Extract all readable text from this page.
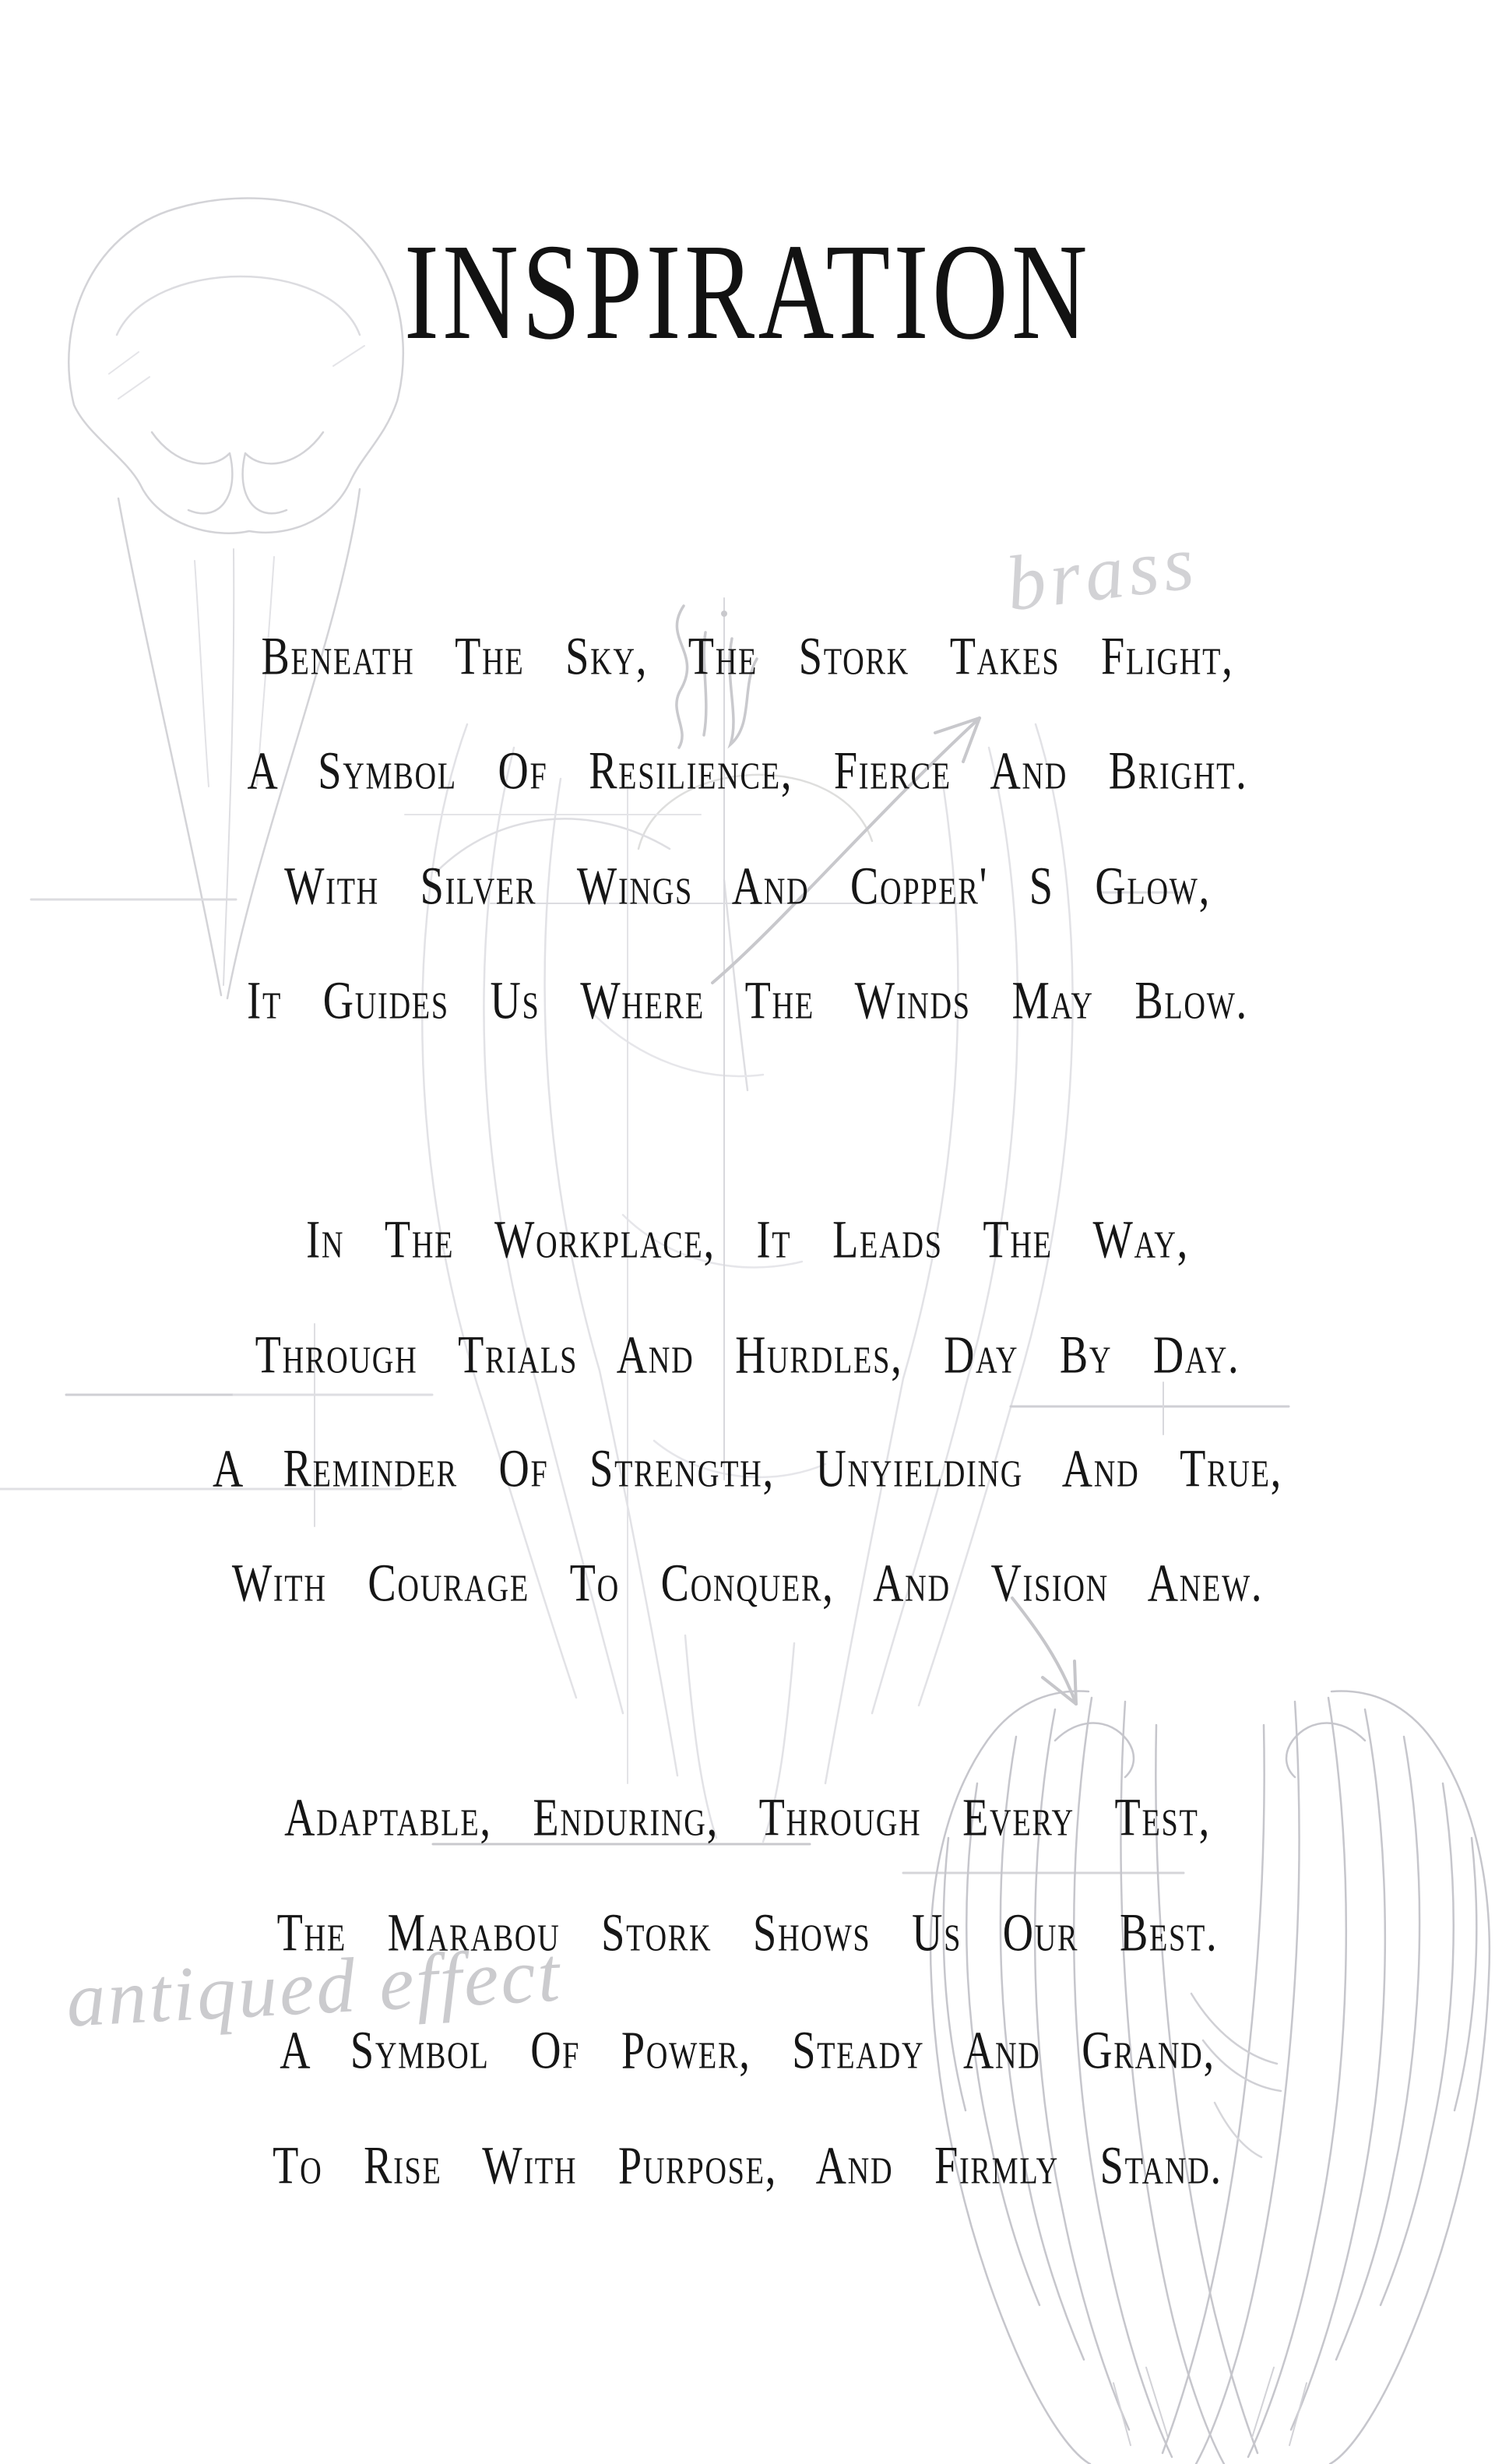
brass
antiqued effect
INSPIRATION
Beneath The Sky, The Stork Takes Flight,
A Symbol Of Resilience, Fierce And Bright.
With Silver Wings And Copper' S Glow,
It Guides Us Where The Winds May Blow.
In The Workplace, It Leads The Way,
Through Trials And Hurdles, Day By Day.
A Reminder Of Strength, Unyielding And True,
With Courage To Conquer, And Vision Anew.
Adaptable, Enduring, Through Every Test,
The Marabou Stork Shows Us Our Best.
A Symbol Of Power, Steady And Grand,
To Rise With Purpose, And Firmly Stand.
